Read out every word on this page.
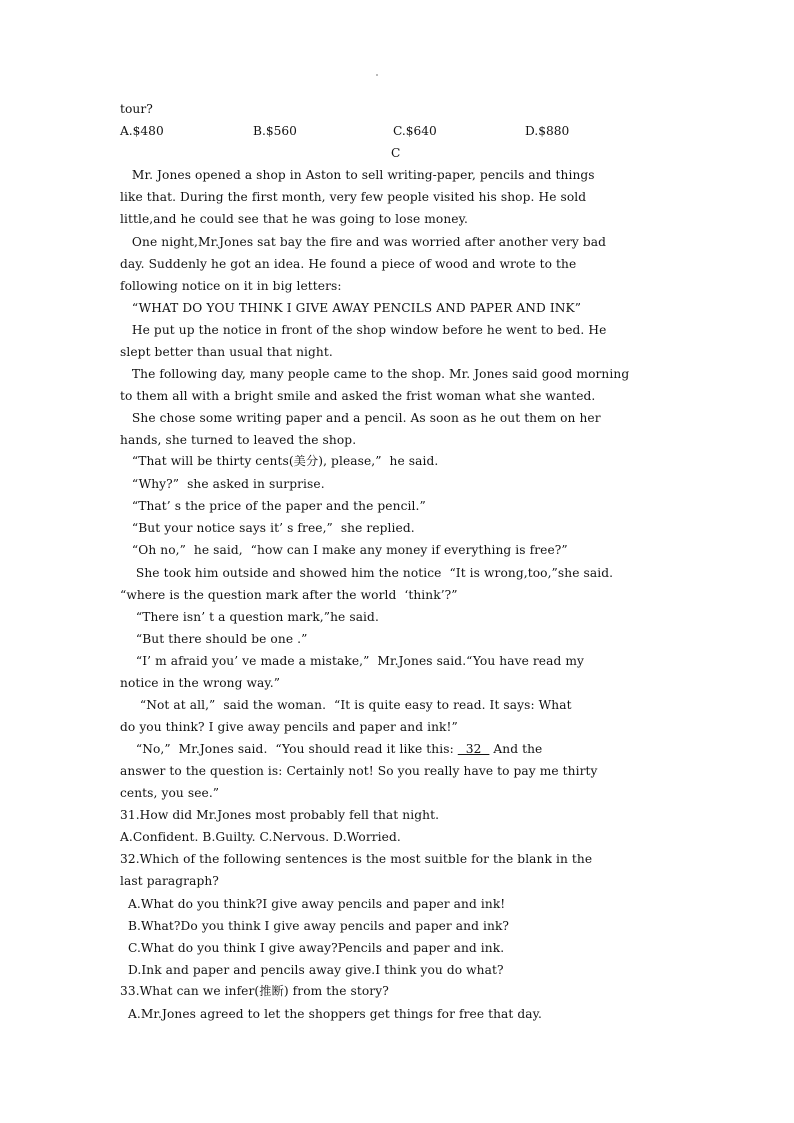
tour?
A.$480	B.$560	C.$640	D.$880
C
Mr. Jones opened a shop in Aston to sell writing-paper, pencils and things
like that. During the first month, very few people visited his shop. He sold
little,and he could see that he was going to lose money.
One night,Mr.Jones sat bay the fire and was worried after another very bad
day. Suddenly he got an idea. He found a piece of wood and wrote to the
following notice on it in big letters:
“WHAT DO YOU THINK I GIVE AWAY PENCILS AND PAPER AND INK”
He put up the notice in front of the shop window before he went to bed. He
slept better than usual that night.
The following day, many people came to the shop. Mr. Jones said good morning
to them all with a bright smile and asked the frist woman what she wanted.
She chose some writing paper and a pencil. As soon as he out them on her
hands, she turned to leaved the shop.
“That will be thirty cents(美分), please,”  he said.
“Why?”  she asked in surprise.
“That’ s the price of the paper and the pencil.”
“But your notice says it’ s free,”  she replied.
“Oh no,”  he said,  “how can I make any money if everything is free?”
She took him outside and showed him the notice  “It is wrong,too,”she said.
“where is the question mark after the world  ‘think’?”
“There isn’ t a question mark,”he said.
“But there should be one .”
“I’ m afraid you’ ve made a mistake,”  Mr.Jones said.“You have read my
notice in the wrong way.”
“Not at all,”  said the woman.  “It is quite easy to read. It says: What
do you think? I give away pencils and paper and ink!”
“No,”  Mr.Jones said.  “You should read it like this:   32   And the
answer to the question is: Certainly not! So you really have to pay me thirty
cents, you see.”
31.How did Mr.Jones most probably fell that night.
A.Confident. B.Guilty. C.Nervous. D.Worried.
32.Which of the following sentences is the most suitble for the blank in the
last paragraph?
A.What do you think?I give away pencils and paper and ink!
B.What?Do you think I give away pencils and paper and ink?
C.What do you think I give away?Pencils and paper and ink.
D.Ink and paper and pencils away give.I think you do what?
33.What can we infer(推断) from the story?
A.Mr.Jones agreed to let the shoppers get things for free that day.
